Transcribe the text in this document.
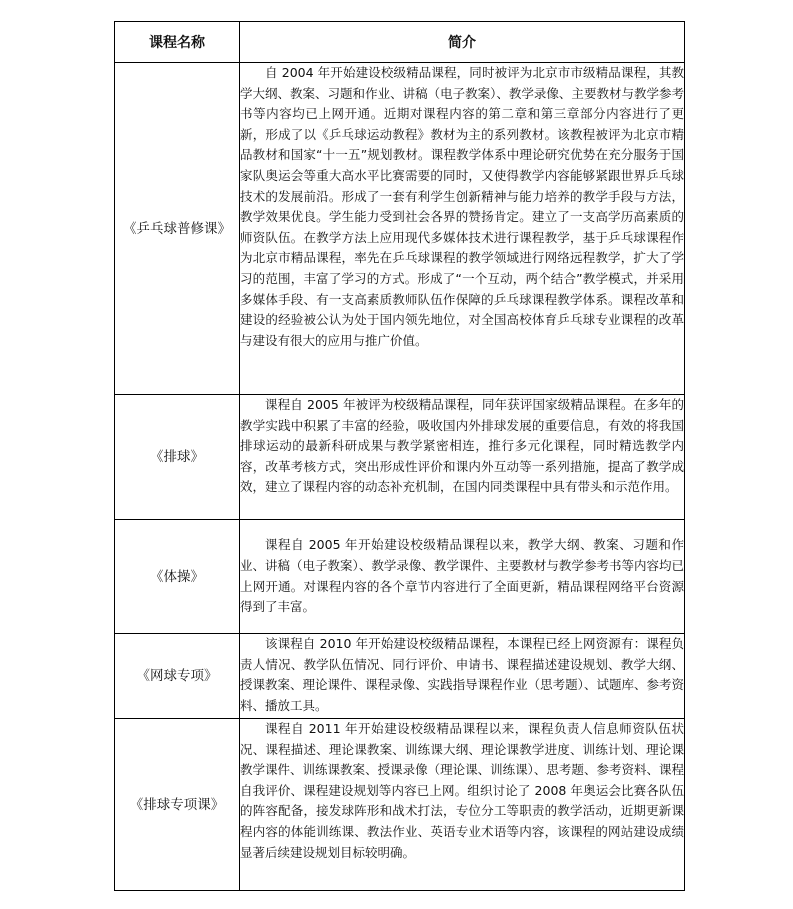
课程名称	简介
《乒乓球普修课》	自 2004 年开始建设校级精品课程，同时被评为北京市市级精品课程，其教学大纲、教案、习题和作业、讲稿（电子教案）、教学录像、主要教材与教学参考书等内容均已上网开通。近期对课程内容的第二章和第三章部分内容进行了更新，形成了以《乒乓球运动教程》教材为主的系列教材。该教程被评为北京市精品教材和国家“十一五”规划教材。课程教学体系中理论研究优势在充分服务于国家队奥运会等重大高水平比赛需要的同时，又使得教学内容能够紧跟世界乒乓球技术的发展前沿。形成了一套有利学生创新精神与能力培养的教学手段与方法，教学效果优良。学生能力受到社会各界的赞扬肯定。建立了一支高学历高素质的师资队伍。在教学方法上应用现代多媒体技术进行课程教学，基于乒乓球课程作为北京市精品课程，率先在乒乓球课程的教学领域进行网络远程教学，扩大了学习的范围，丰富了学习的方式。形成了“一个互动，两个结合”教学模式，并采用多媒体手段、有一支高素质教师队伍作保障的乒乓球课程教学体系。课程改革和建设的经验被公认为处于国内领先地位，对全国高校体育乒乓球专业课程的改革与建设有很大的应用与推广价值。

《排球》	课程自 2005 年被评为校级精品课程，同年获评国家级精品课程。在多年的教学实践中积累了丰富的经验，吸收国内外排球发展的重要信息，有效的将我国排球运动的最新科研成果与教学紧密相连，推行多元化课程，同时精选教学内容，改革考核方式，突出形成性评价和课内外互动等一系列措施，提高了教学成效，建立了课程内容的动态补充机制，在国内同类课程中具有带头和示范作用。

《体操》	课程自 2005 年开始建设校级精品课程以来，教学大纲、教案、习题和作业、讲稿（电子教案）、教学录像、教学课件、主要教材与教学参考书等内容均已上网开通。对课程内容的各个章节内容进行了全面更新，精品课程网络平台资源得到了丰富。

《网球专项》	该课程自 2010 年开始建设校级精品课程，本课程已经上网资源有：课程负责人情况、教学队伍情况、同行评价、申请书、课程描述建设规划、教学大纲、授课教案、理论课件、课程录像、实践指导课程作业（思考题）、试题库、参考资料、播放工具。

《排球专项课》	课程自 2011 年开始建设校级精品课程以来，课程负责人信息师资队伍状况、课程描述、理论课教案、训练课大纲、理论课教学进度、训练计划、理论课教学课件、训练课教案、授课录像（理论课、训练课）、思考题、参考资料、课程自我评价、课程建设规划等内容已上网。组织讨论了 2008 年奥运会比赛各队伍的阵容配备，接发球阵形和战术打法，专位分工等职责的教学活动，近期更新课程内容的体能训练课、教法作业、英语专业术语等内容，该课程的网站建设成绩显著后续建设规划目标较明确。
